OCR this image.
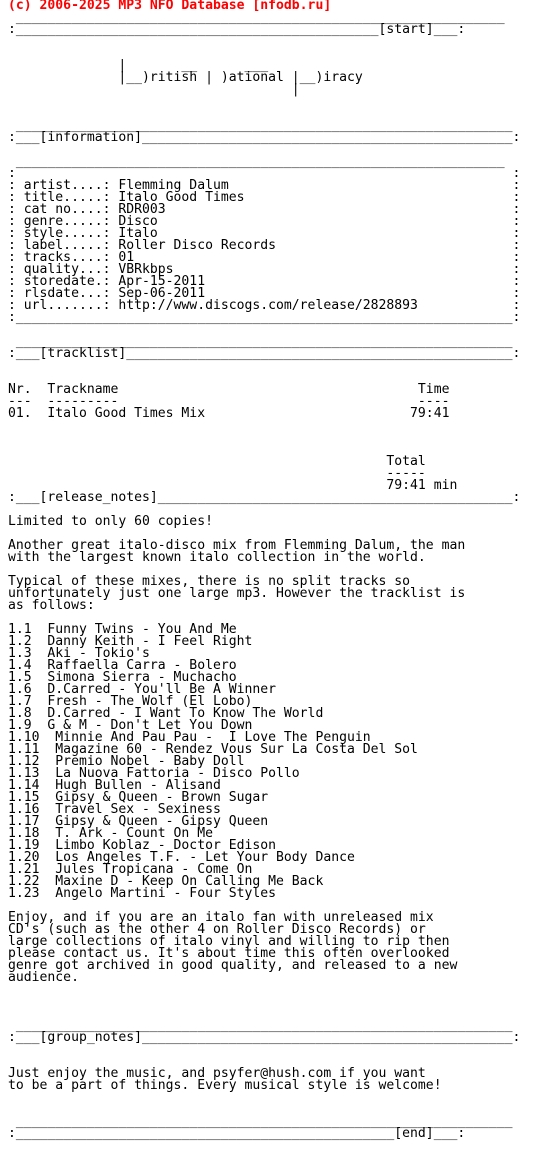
(c) 2006-2025 MP3 NFO Database [nfodb.ru]
______________________________________________________________
:______________________________________________[start]___:
|       __      ___
|__)ritish | )ational |__)iracy
|
_______________________________________________________________
:___[information]_______________________________________________:
______________________________________________________________
:                                                               :
: artist....: Flemming Dalum                                    :
: title.....: Italo Good Times                                  :
: cat no....: RDR003                                            :
: genre.....: Disco                                             :
: style.....: Italo                                             :
: label.....: Roller Disco Records                              :
: tracks....: 01                                                :
: quality...: VBRkbps                                           :
: storedate.: Apr-15-2011                                       :
: rlsdate...: Sep-06-2011                                       :
: url.......: http://www.discogs.com/release/2828893            :
:_______________________________________________________________:
_______________________________________________________________
:___[tracklist]_________________________________________________:
Nr.  Trackname                                      Time
---  ---------                                      ----
01.  Italo Good Times Mix                          79:41
Total
-----
79:41 min
:___[release_notes]_____________________________________________:
Limited to only 60 copies!
Another great italo-disco mix from Flemming Dalum, the man
with the largest known italo collection in the world.
Typical of these mixes, there is no split tracks so
unfortunately just one large mp3. However the tracklist is
as follows:
1.1  Funny Twins - You And Me
1.2  Danny Keith - I Feel Right
1.3  Aki - Tokio's
1.4  Raffaella Carra - Bolero
1.5  Simona Sierra - Muchacho
1.6  D.Carred - You'll Be A Winner
1.7  Fresh - The Wolf (El Lobo)
1.8  D.Carred - I Want To Know The World
1.9  G & M - Don't Let You Down
1.10  Minnie And Pau Pau -  I Love The Penguin
1.11  Magazine 60 - Rendez Vous Sur La Costa Del Sol
1.12  Premio Nobel - Baby Doll
1.13  La Nuova Fattoria - Disco Pollo
1.14  Hugh Bullen - Alisand
1.15  Gipsy & Queen - Brown Sugar
1.16  Travel Sex - Sexiness
1.17  Gipsy & Queen - Gipsy Queen
1.18  T. Ark - Count On Me
1.19  Limbo Koblaz - Doctor Edison
1.20  Los Angeles T.F. - Let Your Body Dance
1.21  Jules Tropicana - Come On
1.22  Maxine D - Keep On Calling Me Back
1.23  Angelo Martini - Four Styles
Enjoy, and if you are an italo fan with unreleased mix
CD's (such as the other 4 on Roller Disco Records) or
large collections of italo vinyl and willing to rip then
please contact us. It's about time this often overlooked
genre got archived in good quality, and released to a new
audience.
_______________________________________________________________
:___[group_notes]_______________________________________________:
Just enjoy the music, and psyfer@hush.com if you want
to be a part of things. Every musical style is welcome!
_______________________________________________________________
:________________________________________________[end]___:
